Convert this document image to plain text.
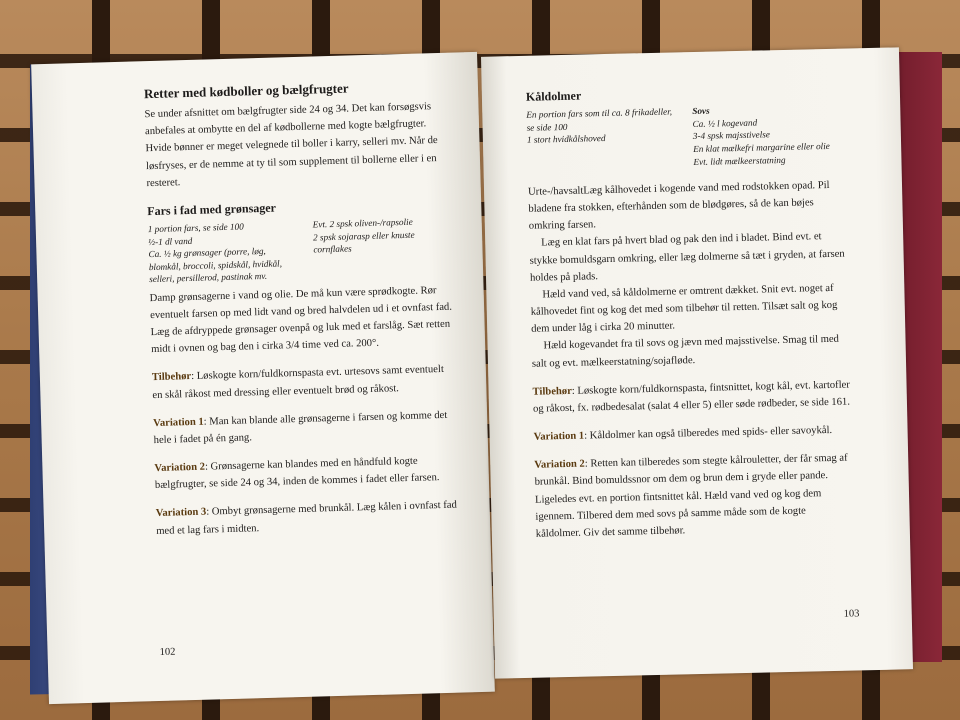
Retter med kødboller og bælgfrugter

Se under afsnittet om bælgfrugter side 24 og 34. Det kan forsøgsvis anbefales at ombytte en del af kødbollerne med kogte bælgfrugter. Hvide bønner er meget velegnede til boller i karry, selleri mv. Når de løsfryses, er de nemme at ty til som supplement til bollerne eller i en resteret.

Fars i fad med grønsager
1 portion fars, se side 100
½-1 dl vand
Ca. ½ kg grønsager (porre, løg, blomkål, broccoli, spidskål, hvidkål, selleri, persillerod, pastinak mv.
Evt. 2 spsk oliven-/rapsolie
2 spsk sojarasp eller knuste cornflakes

Damp grønsagerne i vand og olie. De må kun være sprødkogte. Rør eventuelt farsen op med lidt vand og bred halvdelen ud i et ovnfast fad. Læg de afdryppede grønsager ovenpå og luk med et farslåg. Sæt retten midt i ovnen og bag den i cirka 3/4 time ved ca. 200°.

Tilbehør: Løskogte korn/fuldkornspasta evt. urtesovs samt eventuelt en skål råkost med dressing eller eventuelt brød og råkost.

Variation 1: Man kan blande alle grønsagerne i farsen og komme det hele i fadet på én gang.

Variation 2: Grønsagerne kan blandes med en håndfuld kogte bælgfrugter, se side 24 og 34, inden de kommes i fadet eller farsen.

Variation 3: Ombyt grønsagerne med brunkål. Læg kålen i ovnfast fad med et lag fars i midten.

102
Kåldolmer
En portion fars som til ca. 8 frikadeller, se side 100
1 stort hvidkålshoved
Sovs
Ca. ½ l kogevand
3-4 spsk majsstivelse
En klat mælkefri margarine eller olie
Evt. lidt mælkeerstatning

Urte-/havsaltLæg kålhovedet i kogende vand med rodstokken opad. Pil bladene fra stokken, efterhånden som de blødgøres, så de kan bøjes omkring farsen.

Læg en klat fars på hvert blad og pak den ind i bladet. Bind evt. et stykke bomuldsgarn omkring, eller læg dolmerne så tæt i gryden, at farsen holdes på plads.

Hæld vand ved, så kåldolmerne er omtrent dækket. Snit evt. noget af kålhovedet fint og kog det med som tilbehør til retten. Tilsæt salt og kog dem under låg i cirka 20 minutter.

Hæld kogevandet fra til sovs og jævn med majsstivelse. Smag til med salt og evt. mælkeerstatning/sojafløde.

Tilbehør: Løskogte korn/fuldkornspasta, fintsnittet, kogt kål, evt. kartofler og råkost, fx. rødbedesalat (salat 4 eller 5) eller søde rødbeder, se side 161.

Variation 1: Kåldolmer kan også tilberedes med spids- eller savoykål.

Variation 2: Retten kan tilberedes som stegte kålrouletter, der får smag af brunkål. Bind bomuldssnor om dem og brun dem i gryde eller pande. Ligeledes evt. en portion fintsnittet kål. Hæld vand ved og kog dem igennem. Tilbered dem med sovs på samme måde som de kogte kåldolmer. Giv det samme tilbehør.

103
